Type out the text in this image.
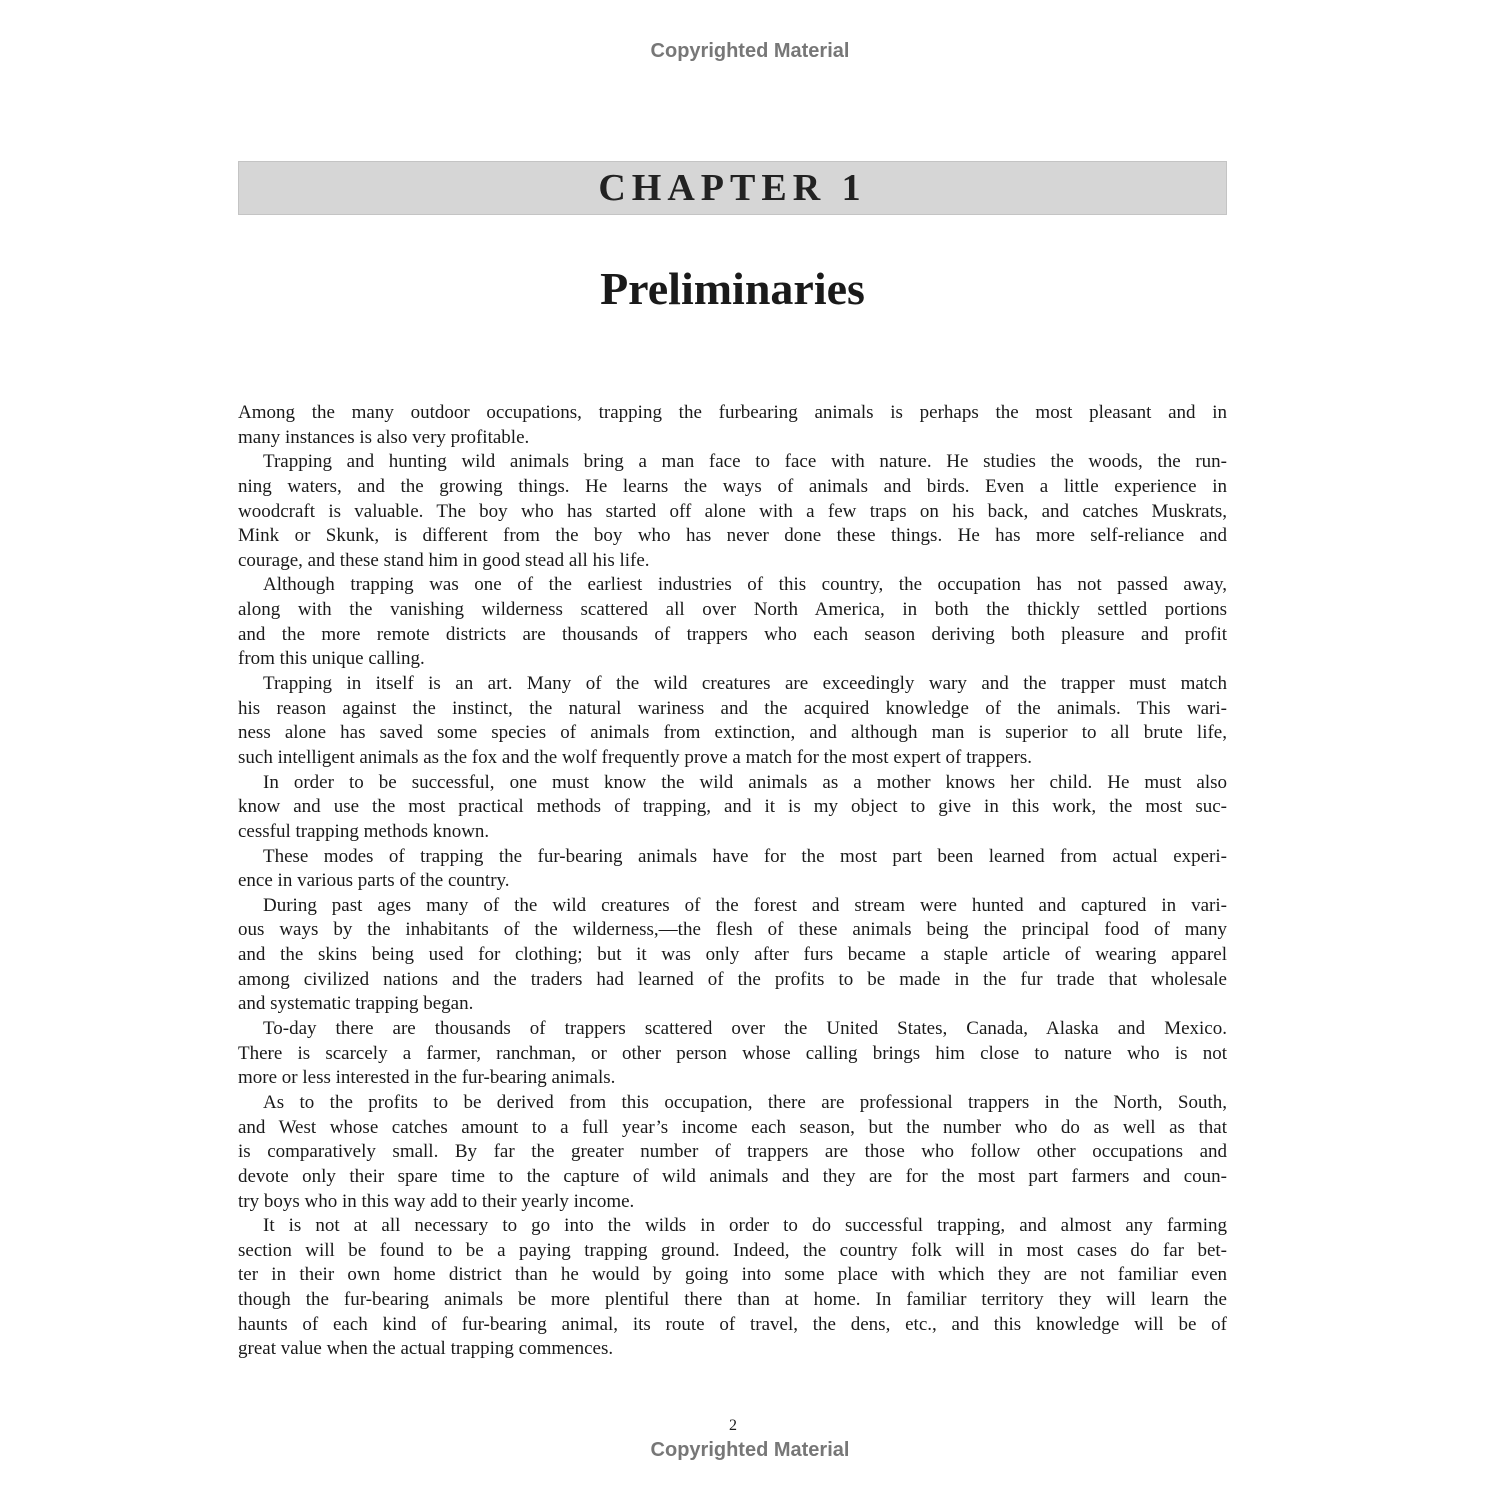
Copyrighted Material
CHAPTER 1
Preliminaries
Among the many outdoor occupations, trapping the furbearing animals is perhaps the most pleasant and in
many instances is also very profitable.
Trapping and hunting wild animals bring a man face to face with nature. He studies the woods, the run-
ning waters, and the growing things. He learns the ways of animals and birds. Even a little experience in
woodcraft is valuable. The boy who has started off alone with a few traps on his back, and catches Muskrats,
Mink or Skunk, is different from the boy who has never done these things. He has more self-reliance and
courage, and these stand him in good stead all his life.
Although trapping was one of the earliest industries of this country, the occupation has not passed away,
along with the vanishing wilderness scattered all over North America, in both the thickly settled portions
and the more remote districts are thousands of trappers who each season deriving both pleasure and profit
from this unique calling.
Trapping in itself is an art. Many of the wild creatures are exceedingly wary and the trapper must match
his reason against the instinct, the natural wariness and the acquired knowledge of the animals. This wari-
ness alone has saved some species of animals from extinction, and although man is superior to all brute life,
such intelligent animals as the fox and the wolf frequently prove a match for the most expert of trappers.
In order to be successful, one must know the wild animals as a mother knows her child. He must also
know and use the most practical methods of trapping, and it is my object to give in this work, the most suc-
cessful trapping methods known.
These modes of trapping the fur-bearing animals have for the most part been learned from actual experi-
ence in various parts of the country.
During past ages many of the wild creatures of the forest and stream were hunted and captured in vari-
ous ways by the inhabitants of the wilderness,—the flesh of these animals being the principal food of many
and the skins being used for clothing; but it was only after furs became a staple article of wearing apparel
among civilized nations and the traders had learned of the profits to be made in the fur trade that wholesale
and systematic trapping began.
To-day there are thousands of trappers scattered over the United States, Canada, Alaska and Mexico.
There is scarcely a farmer, ranchman, or other person whose calling brings him close to nature who is not
more or less interested in the fur-bearing animals.
As to the profits to be derived from this occupation, there are professional trappers in the North, South,
and West whose catches amount to a full year’s income each season, but the number who do as well as that
is comparatively small. By far the greater number of trappers are those who follow other occupations and
devote only their spare time to the capture of wild animals and they are for the most part farmers and coun-
try boys who in this way add to their yearly income.
It is not at all necessary to go into the wilds in order to do successful trapping, and almost any farming
section will be found to be a paying trapping ground. Indeed, the country folk will in most cases do far bet-
ter in their own home district than he would by going into some place with which they are not familiar even
though the fur-bearing animals be more plentiful there than at home. In familiar territory they will learn the
haunts of each kind of fur-bearing animal, its route of travel, the dens, etc., and this knowledge will be of
great value when the actual trapping commences.
2
Copyrighted Material
